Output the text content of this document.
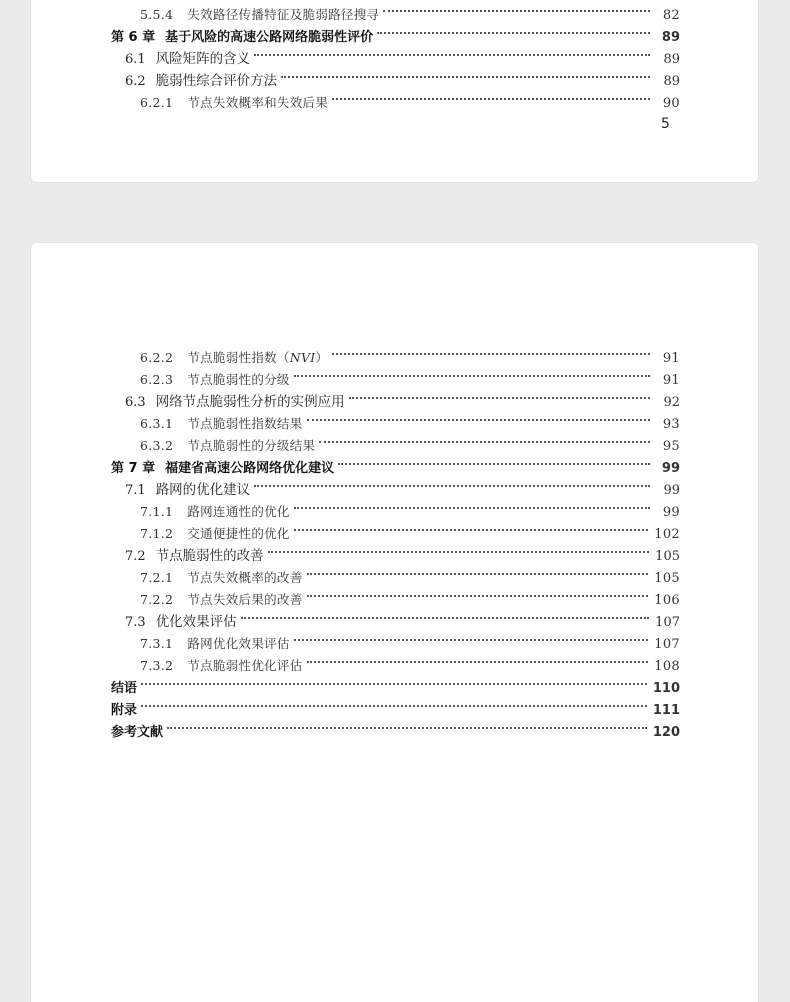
5.5.4 失效路径传播特征及脆弱路径搜寻	82
第 6 章 基于风险的高速公路网络脆弱性评价	89
6.1 风险矩阵的含义	89
6.2 脆弱性综合评价方法	89
6.2.1 节点失效概率和失效后果	90
5
6.2.2 节点脆弱性指数（NVI）	91
6.2.3 节点脆弱性的分级	91
6.3 网络节点脆弱性分析的实例应用	92
6.3.1 节点脆弱性指数结果	93
6.3.2 节点脆弱性的分级结果	95
第 7 章 福建省高速公路网络优化建议	99
7.1 路网的优化建议	99
7.1.1 路网连通性的优化	99
7.1.2 交通便捷性的优化	102
7.2 节点脆弱性的改善	105
7.2.1 节点失效概率的改善	105
7.2.2 节点失效后果的改善	106
7.3 优化效果评估	107
7.3.1 路网优化效果评估	107
7.3.2 节点脆弱性优化评估	108
结语	110
附录	111
参考文献	120
